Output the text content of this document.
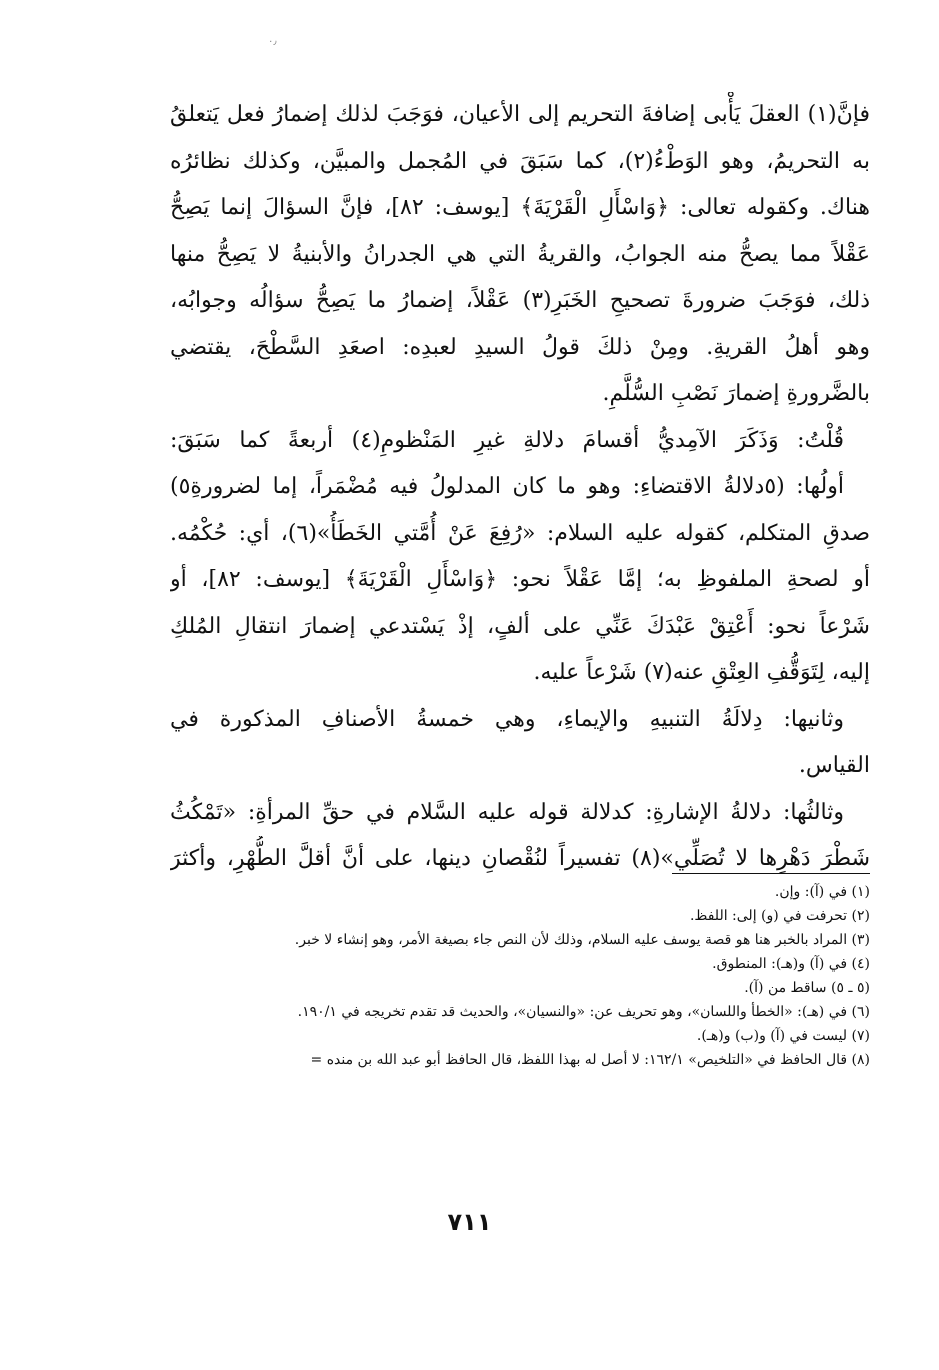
٠٫
فإنَّ(١) العقلَ يَأْبى إضافةَ التحريم إلى الأعيان، فوَجَبَ لذلك إضمارُ فعل يَتعلقُ
به التحريمُ، وهو الوَطْءُ(٢)، كما سَبَقَ في المُجمل والمبيَّن، وكذلك نظائرُه
هناك. وكقوله تعالى: ﴿وَاسْأَلِ الْقَرْيَةَ﴾ [يوسف: ٨٢]، فإنَّ السؤالَ إنما يَصِحُّ
عَقْلاً مما يصحُّ منه الجوابُ، والقريةُ التي هي الجدرانُ والأبنيةُ لا يَصِحُّ منها
ذلك، فوَجَبَ ضرورةَ تصحيحِ الخَبَرِ(٣) عَقْلاً، إضمارُ ما يَصِحُّ سؤالُه وجوابُه،
وهو أهلُ القريةِ. ومِنْ ذلكَ قولُ السيدِ لعبدِه: اصعَدِ السَّطْحَ، يقتضي
بالضَّرورةِ إضمارَ نَصْبِ السُّلَّمِ.
قُلْتُ: وَذَكَرَ الآمِديُّ أقسامَ دلالةِ غيرِ المَنْظومِ(٤) أربعةً كما سَبَقَ:
أولُها: (٥دلالةُ الاقتضاءِ: وهو ما كان المدلولُ فيه مُضْمَراً، إما لضرورةِ٥)
صدقِ المتكلم، كقوله عليه السلام: «رُفِعَ عَنْ أُمَّتي الخَطَأُ»(٦)، أي: حُكْمُه.
أو لصحةِ الملفوظِ به؛ إمَّا عَقْلاً نحو: ﴿وَاسْأَلِ الْقَرْيَةَ﴾ [يوسف: ٨٢]، أو
شَرْعاً نحو: أَعْتِقْ عَبْدَكَ عَنِّي على ألفٍ، إذْ يَسْتدعي إضمارَ انتقالِ المُلكِ
إليه، لِتَوَقُّفِ العِتْقِ عنه(٧) شَرْعاً عليه.
وثانيها: دِلالَةُ التنبيهِ والإيماءِ، وهي خمسةُ الأصنافِ المذكورة في
القياس.
وثالثُها: دلالةُ الإشارةِ: كدلالة قوله عليه السَّلام في حقِّ المرأةِ: «تَمْكُثُ
شَطْرَ دَهْرِها لا تُصَلِّي»(٨) تفسيراً لنُقْصانِ دينها، على أنَّ أقلَّ الطُّهْرِ، وأكثرَ
(١) في (آ): وإن.
(٢) تحرفت في (و) إلى: اللفظ.
(٣) المراد بالخبر هنا هو قصة يوسف عليه السلام، وذلك لأن النص جاء بصيغة الأمر، وهو إنشاء لا خبر.
(٤) في (آ) و(هـ): المنطوق.
(٥ ـ ٥) ساقط من (آ).
(٦) في (هـ): «الخطأ واللسان»، وهو تحريف عن: «والنسيان»، والحديث قد تقدم تخريجه في ١٩٠/١.
(٧) ليست في (آ) و(ب) و(هـ).
(٨) قال الحافظ في «التلخيص» ١٦٢/١: لا أصل له بهذا اللفظ، قال الحافظ أبو عبد الله بن منده =
٧١١
